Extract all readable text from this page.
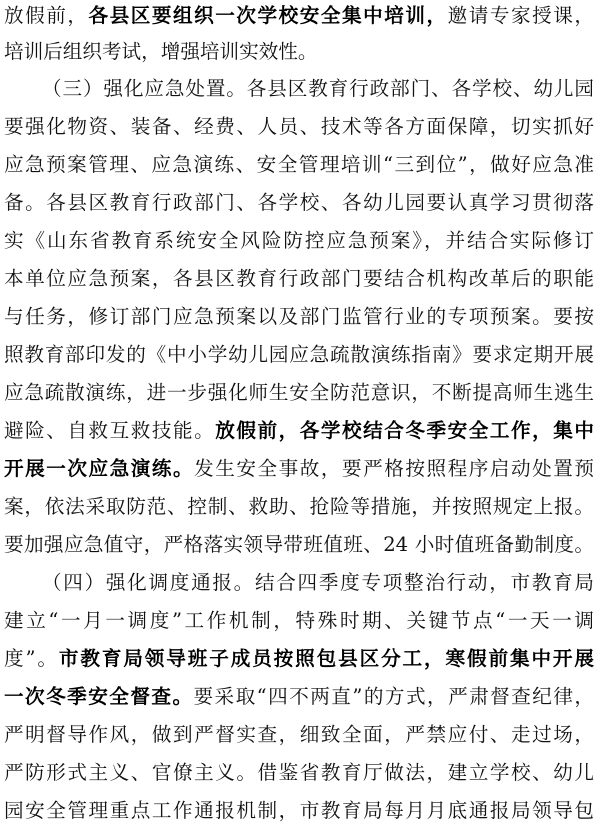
放假前，各县区要组织一次学校安全集中培训，邀请专家授课，
培训后组织考试，增强培训实效性。
（三）强化应急处置。各县区教育行政部门、各学校、幼儿园
要强化物资、装备、经费、人员、技术等各方面保障，切实抓好
应急预案管理、应急演练、安全管理培训“三到位”，做好应急准
备。各县区教育行政部门、各学校、各幼儿园要认真学习贯彻落
实《山东省教育系统安全风险防控应急预案》，并结合实际修订
本单位应急预案，各县区教育行政部门要结合机构改革后的职能
与任务，修订部门应急预案以及部门监管行业的专项预案。要按
照教育部印发的《中小学幼儿园应急疏散演练指南》要求定期开展
应急疏散演练，进一步强化师生安全防范意识，不断提高师生逃生
避险、自救互救技能。放假前，各学校结合冬季安全工作，集中
开展一次应急演练。发生安全事故，要严格按照程序启动处置预
案，依法采取防范、控制、救助、抢险等措施，并按照规定上报。
要加强应急值守，严格落实领导带班值班、24 小时值班备勤制度。
（四）强化调度通报。结合四季度专项整治行动，市教育局
建立“一月一调度”工作机制，特殊时期、关键节点“一天一调
度”。市教育局领导班子成员按照包县区分工，寒假前集中开展
一次冬季安全督查。要采取“四不两直”的方式，严肃督查纪律，
严明督导作风，做到严督实查，细致全面，严禁应付、走过场，
严防形式主义、官僚主义。借鉴省教育厅做法，建立学校、幼儿
园安全管理重点工作通报机制，市教育局每月月底通报局领导包
